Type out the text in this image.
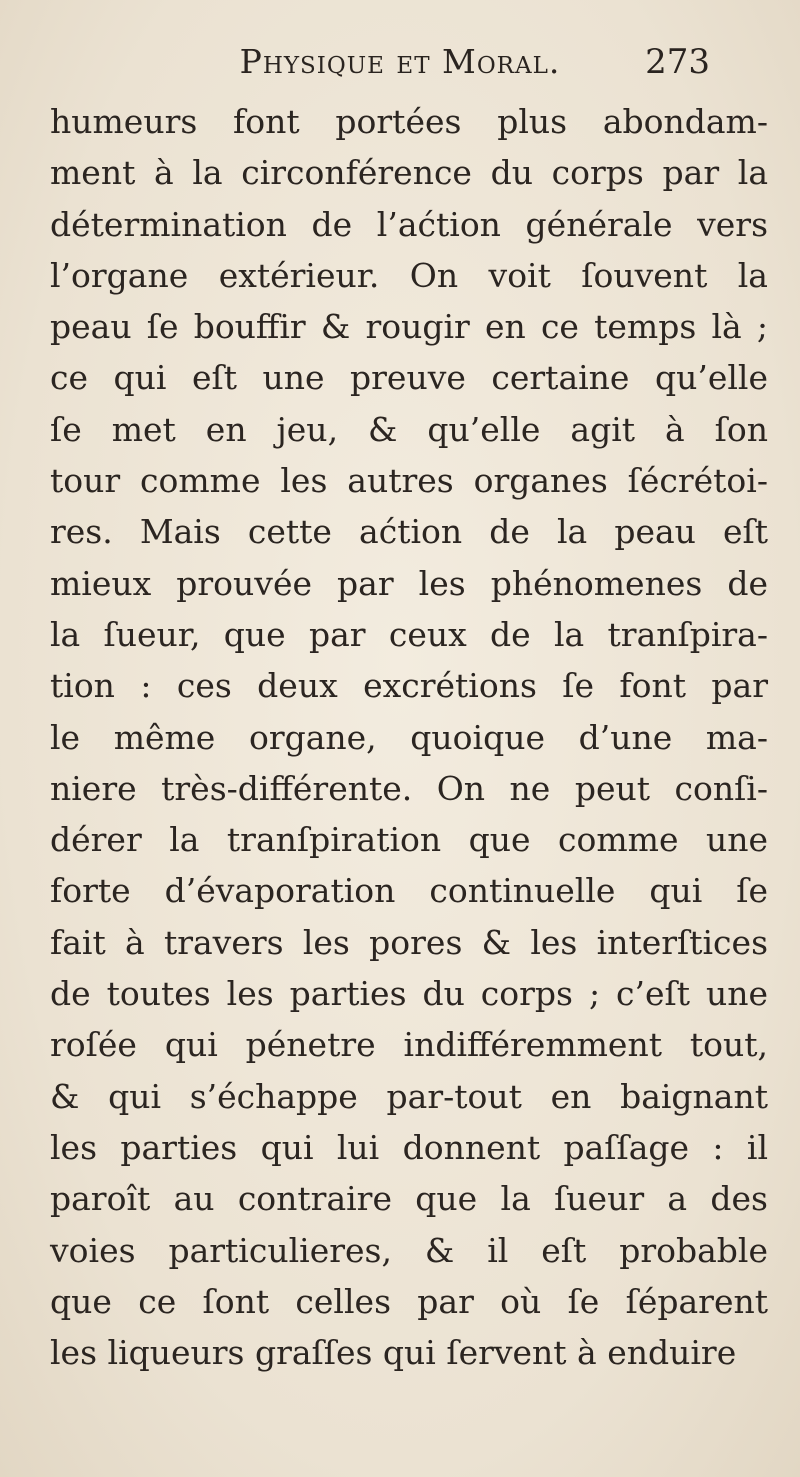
Physique et Moral.	273
humeurs font portées plus abondam-
ment à la circonférence du corps par la
détermination de l’aćtion générale vers
l’organe extérieur. On voit ſouvent la
peau ſe bouffir & rougir en ce temps là ;
ce qui eſt une preuve certaine qu’elle
ſe met en jeu, & qu’elle agit à ſon
tour comme les autres organes ſécrétoi-
res. Mais cette aćtion de la peau eſt
mieux prouvée par les phénomenes de
la ſueur, que par ceux de la tranſpira-
tion : ces deux excrétions ſe font par
le même organe, quoique d’une ma-
niere très-différente. On ne peut conſi-
dérer la tranſpiration que comme une
forte d’évaporation continuelle qui ſe
fait à travers les pores & les interſtices
de toutes les parties du corps ; c’eſt une
roſée qui pénetre indifféremment tout,
& qui s’échappe par-tout en baignant
les parties qui lui donnent paſſage : il
paroît au contraire que la ſueur a des
voies particulieres, & il eſt probable
que ce ſont celles par où ſe ſéparent
les liqueurs graſſes qui ſervent à enduire
